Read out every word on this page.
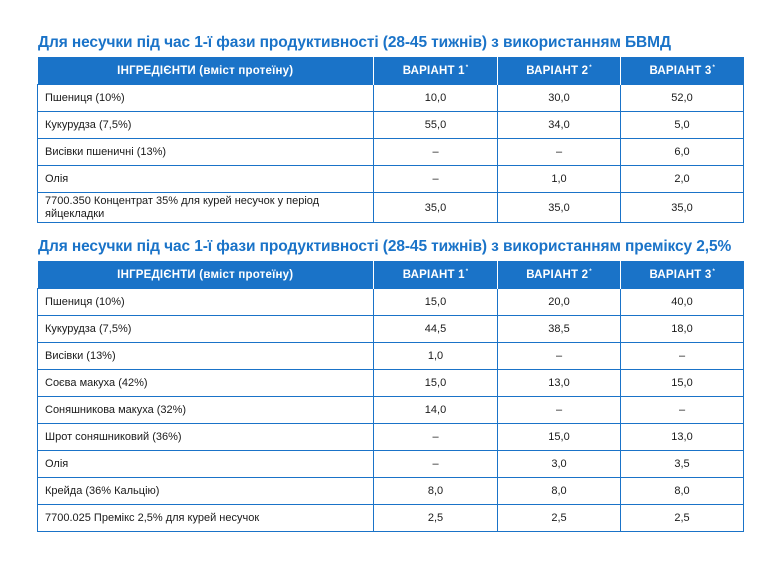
Для несучки під час 1-ї фази продуктивності (28-45 тижнів) з використанням БВМД
ІНГРЕДІЄНТИ (вміст протеїну)	ВАРІАНТ 1*	ВАРІАНТ 2*	ВАРІАНТ 3*
Пшениця (10%)	10,0	30,0	52,0
Кукурудза (7,5%)	55,0	34,0	5,0
Висівки пшеничні (13%)	–	–	6,0
Олія	–	1,0	2,0
7700.350 Концентрат 35% для курей несучок у період яйцекладки	35,0	35,0	35,0
Для несучки під час 1-ї фази продуктивності (28-45 тижнів) з використанням преміксу 2,5%
ІНГРЕДІЄНТИ (вміст протеїну)	ВАРІАНТ 1*	ВАРІАНТ 2*	ВАРІАНТ 3*
Пшениця (10%)	15,0	20,0	40,0
Кукурудза (7,5%)	44,5	38,5	18,0
Висівки (13%)	1,0	–	–
Соєва макуха (42%)	15,0	13,0	15,0
Соняшникова макуха (32%)	14,0	–	–
Шрот соняшниковий (36%)	–	15,0	13,0
Олія	–	3,0	3,5
Крейда (36% Кальцію)	8,0	8,0	8,0
7700.025 Премікс 2,5% для курей несучок	2,5	2,5	2,5
